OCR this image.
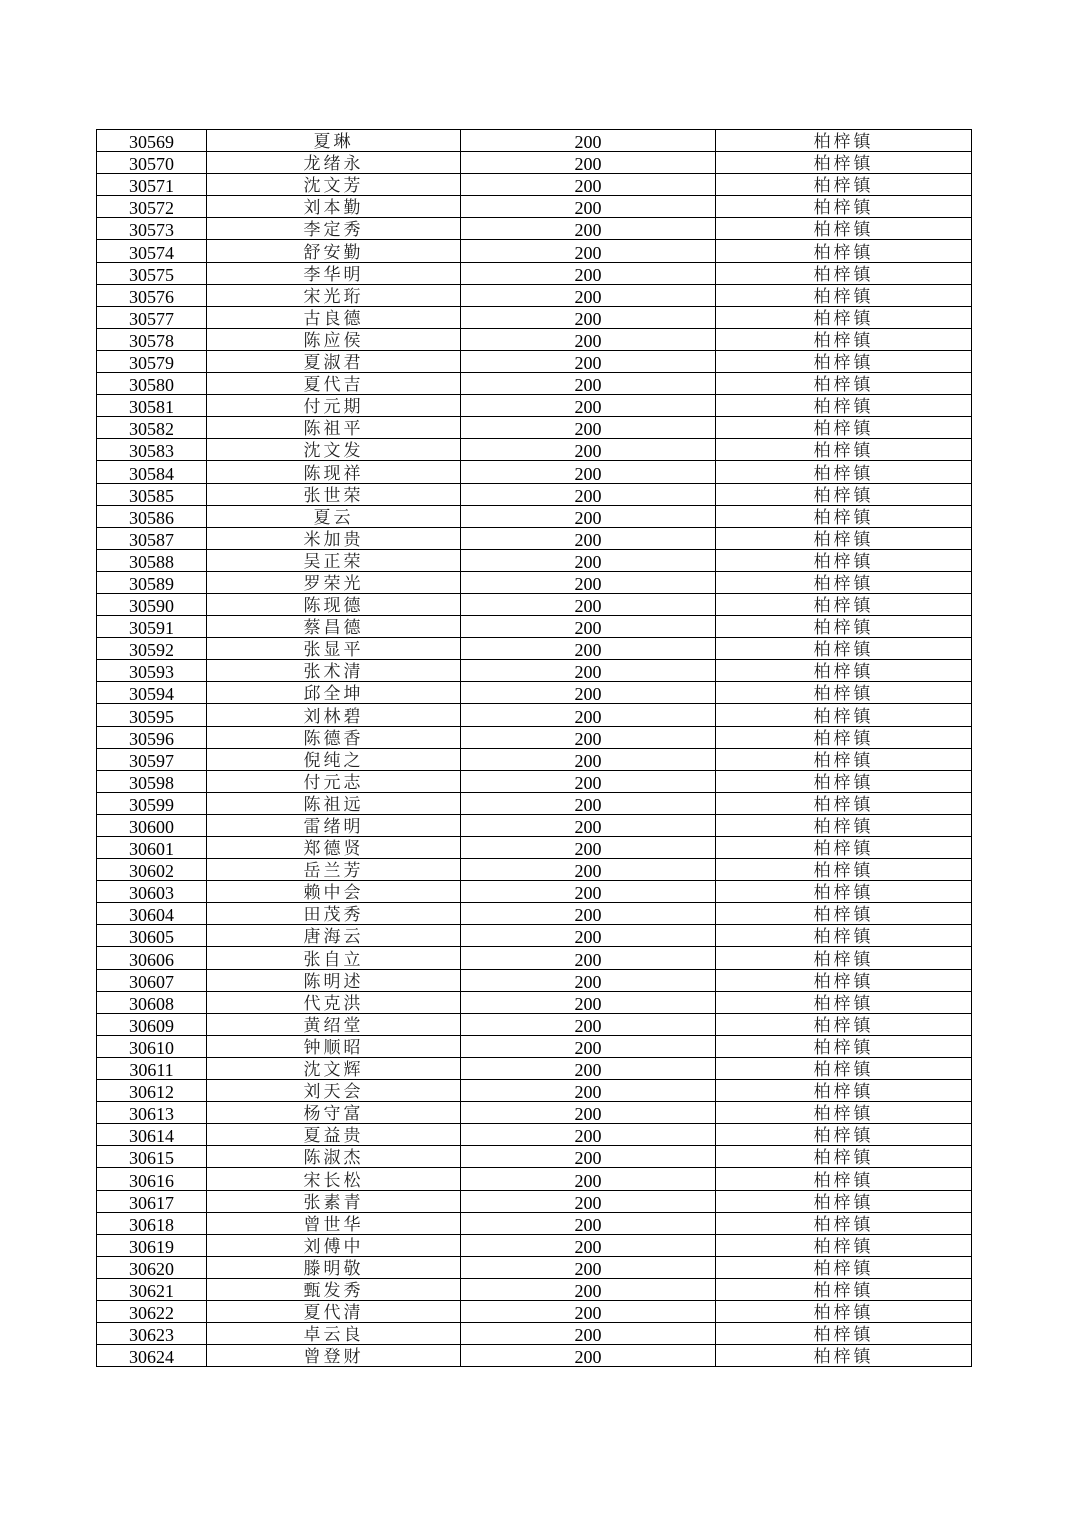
30569	夏琳	200	柏梓镇
30570	龙绪永	200	柏梓镇
30571	沈文芳	200	柏梓镇
30572	刘本勤	200	柏梓镇
30573	李定秀	200	柏梓镇
30574	舒安勤	200	柏梓镇
30575	李华明	200	柏梓镇
30576	宋光珩	200	柏梓镇
30577	古良德	200	柏梓镇
30578	陈应侯	200	柏梓镇
30579	夏淑君	200	柏梓镇
30580	夏代吉	200	柏梓镇
30581	付元期	200	柏梓镇
30582	陈祖平	200	柏梓镇
30583	沈文发	200	柏梓镇
30584	陈现祥	200	柏梓镇
30585	张世荣	200	柏梓镇
30586	夏云	200	柏梓镇
30587	米加贵	200	柏梓镇
30588	吴正荣	200	柏梓镇
30589	罗荣光	200	柏梓镇
30590	陈现德	200	柏梓镇
30591	蔡昌德	200	柏梓镇
30592	张显平	200	柏梓镇
30593	张术清	200	柏梓镇
30594	邱全坤	200	柏梓镇
30595	刘林碧	200	柏梓镇
30596	陈德香	200	柏梓镇
30597	倪纯之	200	柏梓镇
30598	付元志	200	柏梓镇
30599	陈祖远	200	柏梓镇
30600	雷绪明	200	柏梓镇
30601	郑德贤	200	柏梓镇
30602	岳兰芳	200	柏梓镇
30603	赖中会	200	柏梓镇
30604	田茂秀	200	柏梓镇
30605	唐海云	200	柏梓镇
30606	张自立	200	柏梓镇
30607	陈明述	200	柏梓镇
30608	代克洪	200	柏梓镇
30609	黄绍堂	200	柏梓镇
30610	钟顺昭	200	柏梓镇
30611	沈文辉	200	柏梓镇
30612	刘天会	200	柏梓镇
30613	杨守富	200	柏梓镇
30614	夏益贵	200	柏梓镇
30615	陈淑杰	200	柏梓镇
30616	宋长松	200	柏梓镇
30617	张素青	200	柏梓镇
30618	曾世华	200	柏梓镇
30619	刘傅中	200	柏梓镇
30620	滕明敬	200	柏梓镇
30621	甄发秀	200	柏梓镇
30622	夏代清	200	柏梓镇
30623	卓云良	200	柏梓镇
30624	曾登财	200	柏梓镇
